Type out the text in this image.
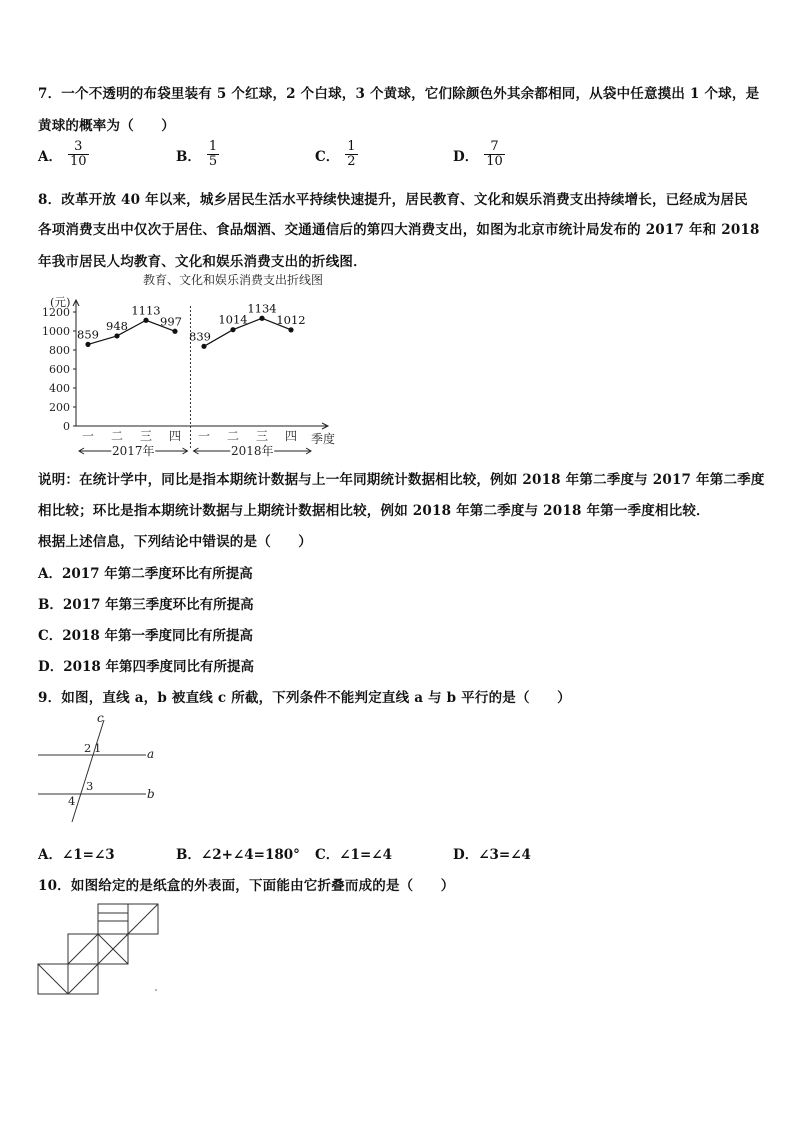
7．一个不透明的布袋里装有 5 个红球，2 个白球，3 个黄球，它们除颜色外其余都相同，从袋中任意摸出 1 个球，是
黄球的概率为（　　）
A． $\frac{3}{10}$	B． $\frac{1}{5}$	C． $\frac{1}{2}$	D． $\frac{7}{10}$
8．改革开放 40 年以来，城乡居民生活水平持续快速提升，居民教育、文化和娱乐消费支出持续增长，已经成为居民
各项消费支出中仅次于居住、食品烟酒、交通通信后的第四大消费支出，如图为北京市统计局发布的 2017 年和 2018
年我市居民人均教育、文化和娱乐消费支出的折线图．
教育、文化和娱乐消费支出折线图
(元)
季度
0
200
400
600
800
1000
1200
一 二 三 四 一 二 三 四
2017年	2018年
859
948
1113
997
839
1014
1134
1012
说明：在统计学中，同比是指本期统计数据与上一年同期统计数据相比较，例如 2018 年第二季度与 2017 年第二季度
相比较；环比是指本期统计数据与上期统计数据相比较，例如 2018 年第二季度与 2018 年第一季度相比较．
根据上述信息，下列结论中错误的是（　　）
A．2017 年第二季度环比有所提高
B．2017 年第三季度环比有所提高
C．2018 年第一季度同比有所提高
D．2018 年第四季度同比有所提高
9．如图，直线 a，b 被直线 c 所截，下列条件不能判定直线 a 与 b 平行的是（　　）
c
a
b
2 1
3
4
A．∠1=∠3	B．∠2+∠4=180° C．∠1=∠4	D．∠3=∠4
10．如图给定的是纸盒的外表面，下面能由它折叠而成的是（　　）
